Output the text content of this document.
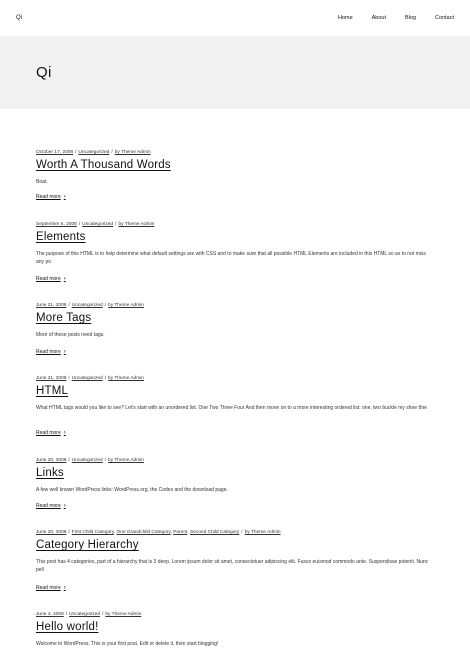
Qi	Home	About	Blog	Contact
Qi
October 17, 2008 / Uncategorized / by Theme Admin
Worth A Thousand Words

Boat.

Read more ›
September 5, 2008 / Uncategorized / by Theme Admin
Elements

The purpose of this HTML is to help determine what default settings are with CSS and to make sure that all possible HTML Elements are included in this HTML so as to not miss any po

Read more ›
June 21, 2008 / Uncategorized / by Theme Admin
More Tags

More of these posts need tags.

Read more ›
June 21, 2008 / Uncategorized / by Theme Admin
HTML

What HTML tags would you like to see? Let's start with an unordered list. One Two Three Four And then move on to a more interesting ordered list: one, two buckle my shoe thre

Read more ›
June 20, 2008 / Uncategorized / by Theme Admin
Links

A few well known WordPress links: WordPress.org, the Codex and the download page.

Read more ›
June 20, 2008 / First Child Category, One Grandchild Category, Parent, Second Child Category / by Theme Admin
Category Hierarchy

This post has 4 categories, part of a hierarchy that is 3 deep. Lorem ipsum dolor sit amet, consectetuer adipiscing elit. Fusce euismod commodo ante. Suspendisse potenti. Nunc pell

Read more ›
June 4, 2008 / Uncategorized / by Theme Admin
Hello world!

Welcome to WordPress. This is your first post. Edit or delete it, then start blogging!
